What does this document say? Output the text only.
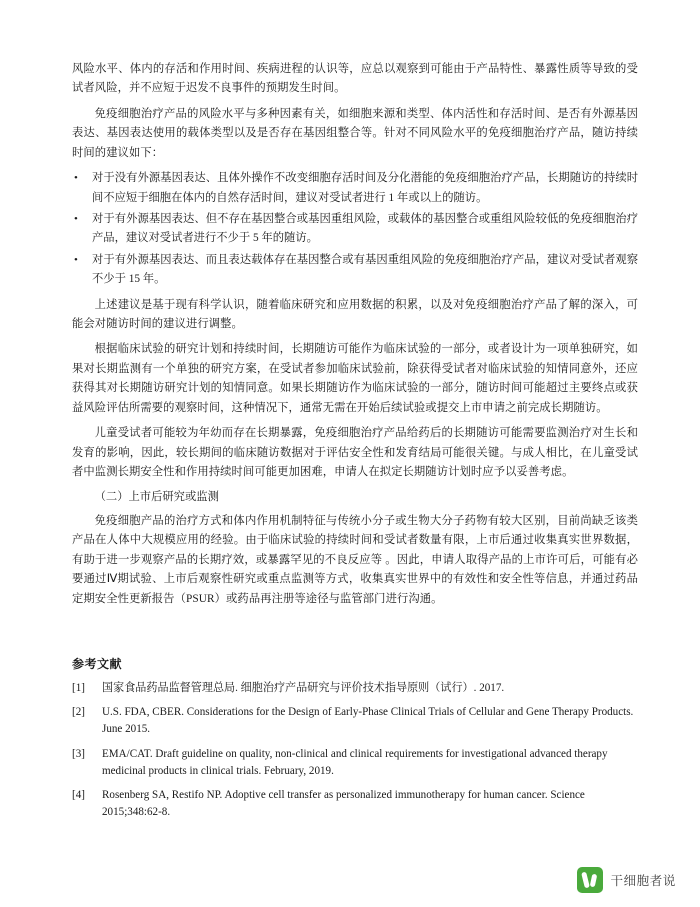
风险水平、体内的存活和作用时间、疾病进程的认识等，应总以观察到可能由于产品特性、暴露性质等导致的受试者风险，并不应短于迟发不良事件的预期发生时间。

免疫细胞治疗产品的风险水平与多种因素有关，如细胞来源和类型、体内活性和存活时间、是否有外源基因表达、基因表达使用的载体类型以及是否存在基因组整合等。针对不同风险水平的免疫细胞治疗产品，随访持续时间的建议如下：

• 对于没有外源基因表达、且体外操作不改变细胞存活时间及分化潜能的免疫细胞治疗产品，长期随访的持续时间不应短于细胞在体内的自然存活时间，建议对受试者进行 1 年或以上的随访。
• 对于有外源基因表达、但不存在基因整合或基因重组风险，或载体的基因整合或重组风险较低的免疫细胞治疗产品，建议对受试者进行不少于 5 年的随访。
• 对于有外源基因表达、而且表达载体存在基因整合或有基因重组风险的免疫细胞治疗产品，建议对受试者观察不少于 15 年。

上述建议是基于现有科学认识，随着临床研究和应用数据的积累，以及对免疫细胞治疗产品了解的深入，可能会对随访时间的建议进行调整。

根据临床试验的研究计划和持续时间，长期随访可能作为临床试验的一部分，或者设计为一项单独研究，如果对长期监测有一个单独的研究方案，在受试者参加临床试验前，除获得受试者对临床试验的知情同意外，还应获得其对长期随访研究计划的知情同意。如果长期随访作为临床试验的一部分，随访时间可能超过主要终点或获益风险评估所需要的观察时间，这种情况下，通常无需在开始后续试验或提交上市申请之前完成长期随访。

儿童受试者可能较为年幼而存在长期暴露，免疫细胞治疗产品给药后的长期随访可能需要监测治疗对生长和发育的影响，因此，较长期间的临床随访数据对于评估安全性和发育结局可能很关键。与成人相比，在儿童受试者中监测长期安全性和作用持续时间可能更加困难，申请人在拟定长期随访计划时应予以妥善考虑。

（二）上市后研究或监测

免疫细胞产品的治疗方式和体内作用机制特征与传统小分子或生物大分子药物有较大区别，目前尚缺乏该类产品在人体中大规模应用的经验。由于临床试验的持续时间和受试者数量有限，上市后通过收集真实世界数据，有助于进一步观察产品的长期疗效，或暴露罕见的不良反应等 。因此，申请人取得产品的上市许可后，可能有必要通过Ⅳ期试验、上市后观察性研究或重点监测等方式，收集真实世界中的有效性和安全性等信息，并通过药品定期安全性更新报告（PSUR）或药品再注册等途径与监管部门进行沟通。

参考文献
[1] 国家食品药品监督管理总局. 细胞治疗产品研究与评价技术指导原则（试行）. 2017.
[2] U.S. FDA, CBER. Considerations for the Design of Early-Phase Clinical Trials of Cellular and Gene Therapy Products. June 2015.
[3] EMA/CAT. Draft guideline on quality, non-clinical and clinical requirements for investigational advanced therapy medicinal products in clinical trials. February, 2019.
[4] Rosenberg SA, Restifo NP. Adoptive cell transfer as personalized immunotherapy for human cancer. Science 2015;348:62-8.
干细胞者说
